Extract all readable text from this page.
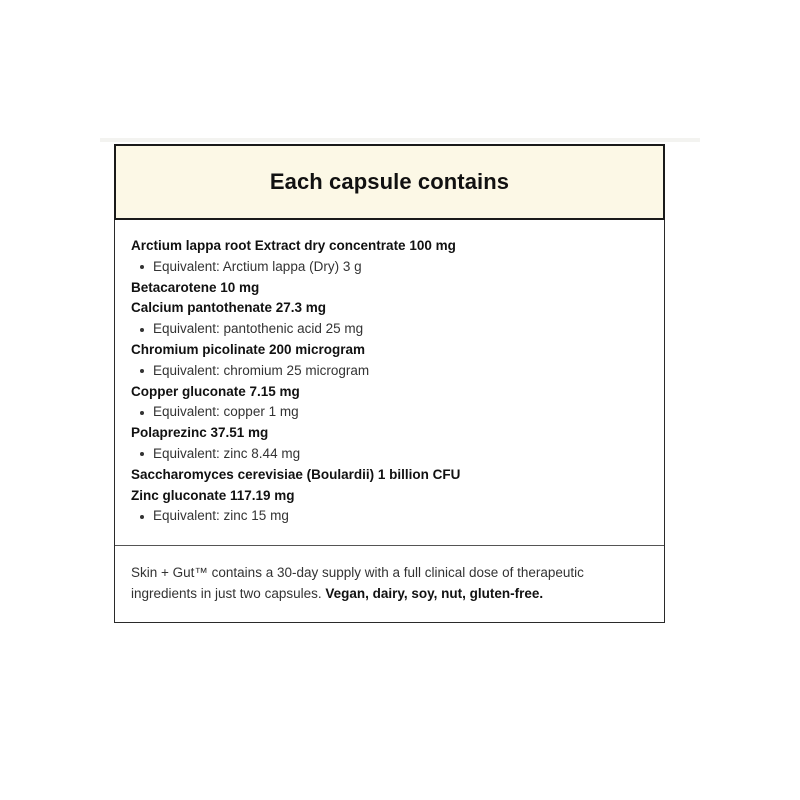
Each capsule contains
Arctium lappa root Extract dry concentrate 100 mg
Equivalent: Arctium lappa (Dry) 3 g
Betacarotene 10 mg
Calcium pantothenate 27.3 mg
Equivalent: pantothenic acid 25 mg
Chromium picolinate 200 microgram
Equivalent: chromium 25 microgram
Copper gluconate 7.15 mg
Equivalent: copper 1 mg
Polaprezinc 37.51 mg
Equivalent: zinc 8.44 mg
Saccharomyces cerevisiae (Boulardii) 1 billion CFU
Zinc gluconate 117.19 mg
Equivalent: zinc 15 mg
Skin + Gut™ contains a 30-day supply with a full clinical dose of therapeutic ingredients in just two capsules. Vegan, dairy, soy, nut, gluten-free.
